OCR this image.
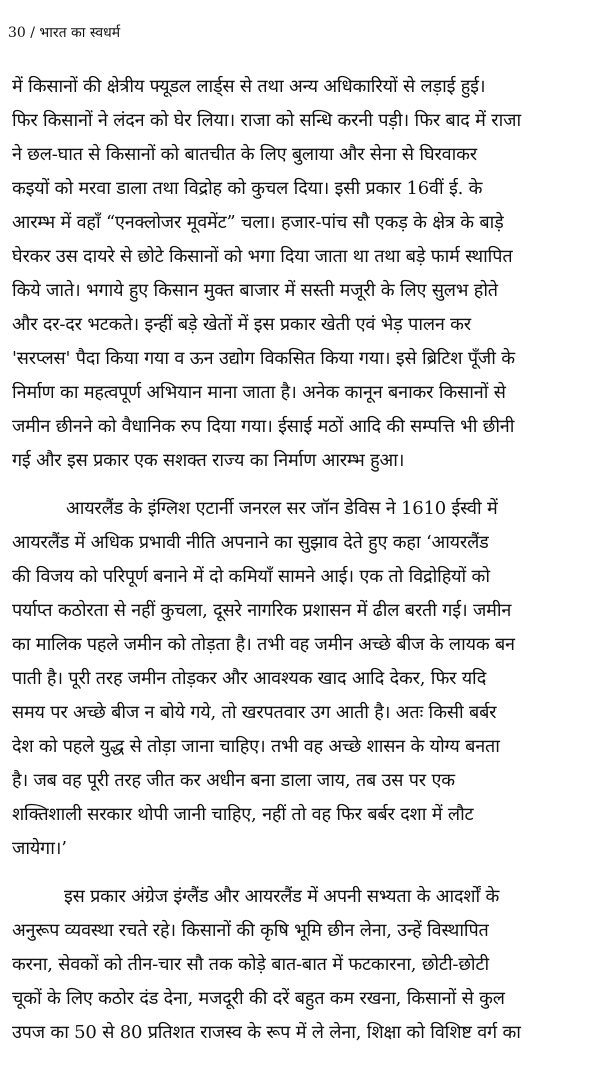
30 / भारत का स्वधर्म
में किसानों की क्षेत्रीय फ्यूडल लार्ड्स से तथा अन्य अधिकारियों से लड़ाई हुई।
फिर किसानों ने लंदन को घेर लिया। राजा को सन्धि करनी पड़ी। फिर बाद में राजा
ने छल-घात से किसानों को बातचीत के लिए बुलाया और सेना से घिरवाकर
कइयों को मरवा डाला तथा विद्रोह को कुचल दिया। इसी प्रकार 16वीं ई. के
आरम्भ में वहाँ “एनक्लोजर मूवमेंट” चला। हजार-पांच सौ एकड़ के क्षेत्र के बाड़े
घेरकर उस दायरे से छोटे किसानों को भगा दिया जाता था तथा बड़े फार्म स्थापित
किये जाते। भगाये हुए किसान मुक्त बाजार में सस्ती मजूरी के लिए सुलभ होते
और दर-दर भटकते। इन्हीं बड़े खेतों में इस प्रकार खेती एवं भेड़ पालन कर
'सरप्लस' पैदा किया गया व ऊन उद्योग विकसित किया गया। इसे ब्रिटिश पूँजी के
निर्माण का महत्वपूर्ण अभियान माना जाता है। अनेक कानून बनाकर किसानों से
जमीन छीनने को वैधानिक रुप दिया गया। ईसाई मठों आदि की सम्पत्ति भी छीनी
गई और इस प्रकार एक सशक्त राज्य का निर्माण आरम्भ हुआ।
आयरलैंड के इंग्लिश एटार्नी जनरल सर जॉन डेविस ने 1610 ईस्वी में
आयरलैंड में अधिक प्रभावी नीति अपनाने का सुझाव देते हुए कहा ‘आयरलैंड
की विजय को परिपूर्ण बनाने में दो कमियाँ सामने आई। एक तो विद्रोहियों को
पर्याप्त कठोरता से नहीं कुचला, दूसरे नागरिक प्रशासन में ढील बरती गई। जमीन
का मालिक पहले जमीन को तोड़ता है। तभी वह जमीन अच्छे बीज के लायक बन
पाती है। पूरी तरह जमीन तोड़कर और आवश्यक खाद आदि देकर, फिर यदि
समय पर अच्छे बीज न बोये गये, तो खरपतवार उग आती है। अतः किसी बर्बर
देश को पहले युद्ध से तोड़ा जाना चाहिए। तभी वह अच्छे शासन के योग्य बनता
है। जब वह पूरी तरह जीत कर अधीन बना डाला जाय, तब उस पर एक
शक्तिशाली सरकार थोपी जानी चाहिए, नहीं तो वह फिर बर्बर दशा में लौट
जायेगा।’
इस प्रकार अंग्रेज इंग्लैंड और आयरलैंड में अपनी सभ्यता के आदर्शों के
अनुरूप व्यवस्था रचते रहे। किसानों की कृषि भूमि छीन लेना, उन्हें विस्थापित
करना, सेवकों को तीन-चार सौ तक कोड़े बात-बात में फटकारना, छोटी-छोटी
चूकों के लिए कठोर दंड देना, मजदूरी की दरें बहुत कम रखना, किसानों से कुल
उपज का 50 से 80 प्रतिशत राजस्व के रूप में ले लेना, शिक्षा को विशिष्ट वर्ग का
